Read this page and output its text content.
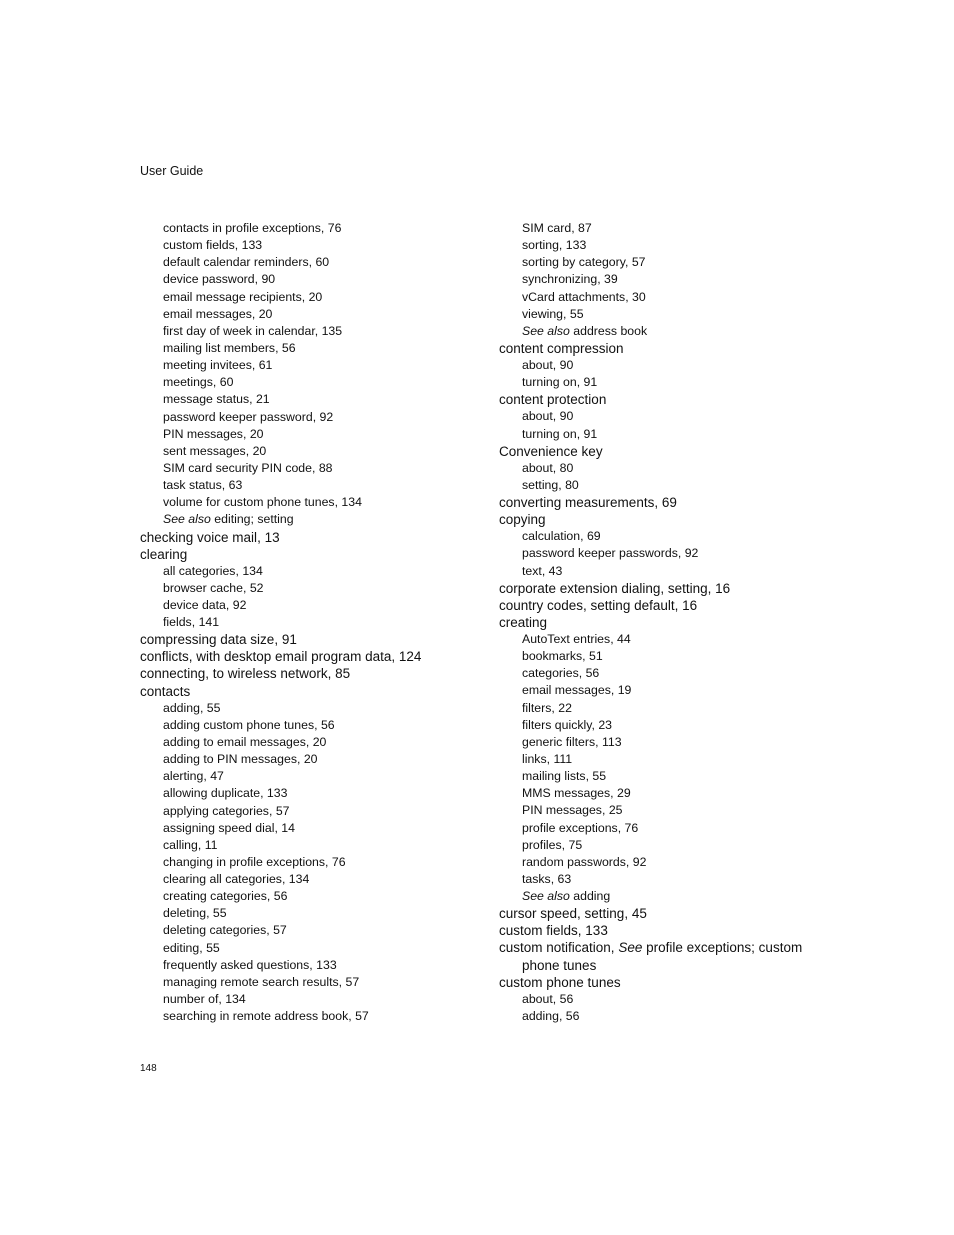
User Guide
contacts in profile exceptions, 76
custom fields, 133
default calendar reminders, 60
device password, 90
email message recipients, 20
email messages, 20
first day of week in calendar, 135
mailing list members, 56
meeting invitees, 61
meetings, 60
message status, 21
password keeper password, 92
PIN messages, 20
sent messages, 20
SIM card security PIN code, 88
task status, 63
volume for custom phone tunes, 134
See also editing; setting
checking voice mail, 13
clearing
all categories, 134
browser cache, 52
device data, 92
fields, 141
compressing data size, 91
conflicts, with desktop email program data, 124
connecting, to wireless network, 85
contacts
adding, 55
adding custom phone tunes, 56
adding to email messages, 20
adding to PIN messages, 20
alerting, 47
allowing duplicate, 133
applying categories, 57
assigning speed dial, 14
calling, 11
changing in profile exceptions, 76
clearing all categories, 134
creating categories, 56
deleting, 55
deleting categories, 57
editing, 55
frequently asked questions, 133
managing remote search results, 57
number of, 134
searching in remote address book, 57
SIM card, 87
sorting, 133
sorting by category, 57
synchronizing, 39
vCard attachments, 30
viewing, 55
See also address book
content compression
about, 90
turning on, 91
content protection
about, 90
turning on, 91
Convenience key
about, 80
setting, 80
converting measurements, 69
copying
calculation, 69
password keeper passwords, 92
text, 43
corporate extension dialing, setting, 16
country codes, setting default, 16
creating
AutoText entries, 44
bookmarks, 51
categories, 56
email messages, 19
filters, 22
filters quickly, 23
generic filters, 113
links, 111
mailing lists, 55
MMS messages, 29
PIN messages, 25
profile exceptions, 76
profiles, 75
random passwords, 92
tasks, 63
See also adding
cursor speed, setting, 45
custom fields, 133
custom notification, See profile exceptions; custom
phone tunes
custom phone tunes
about, 56
adding, 56
148
